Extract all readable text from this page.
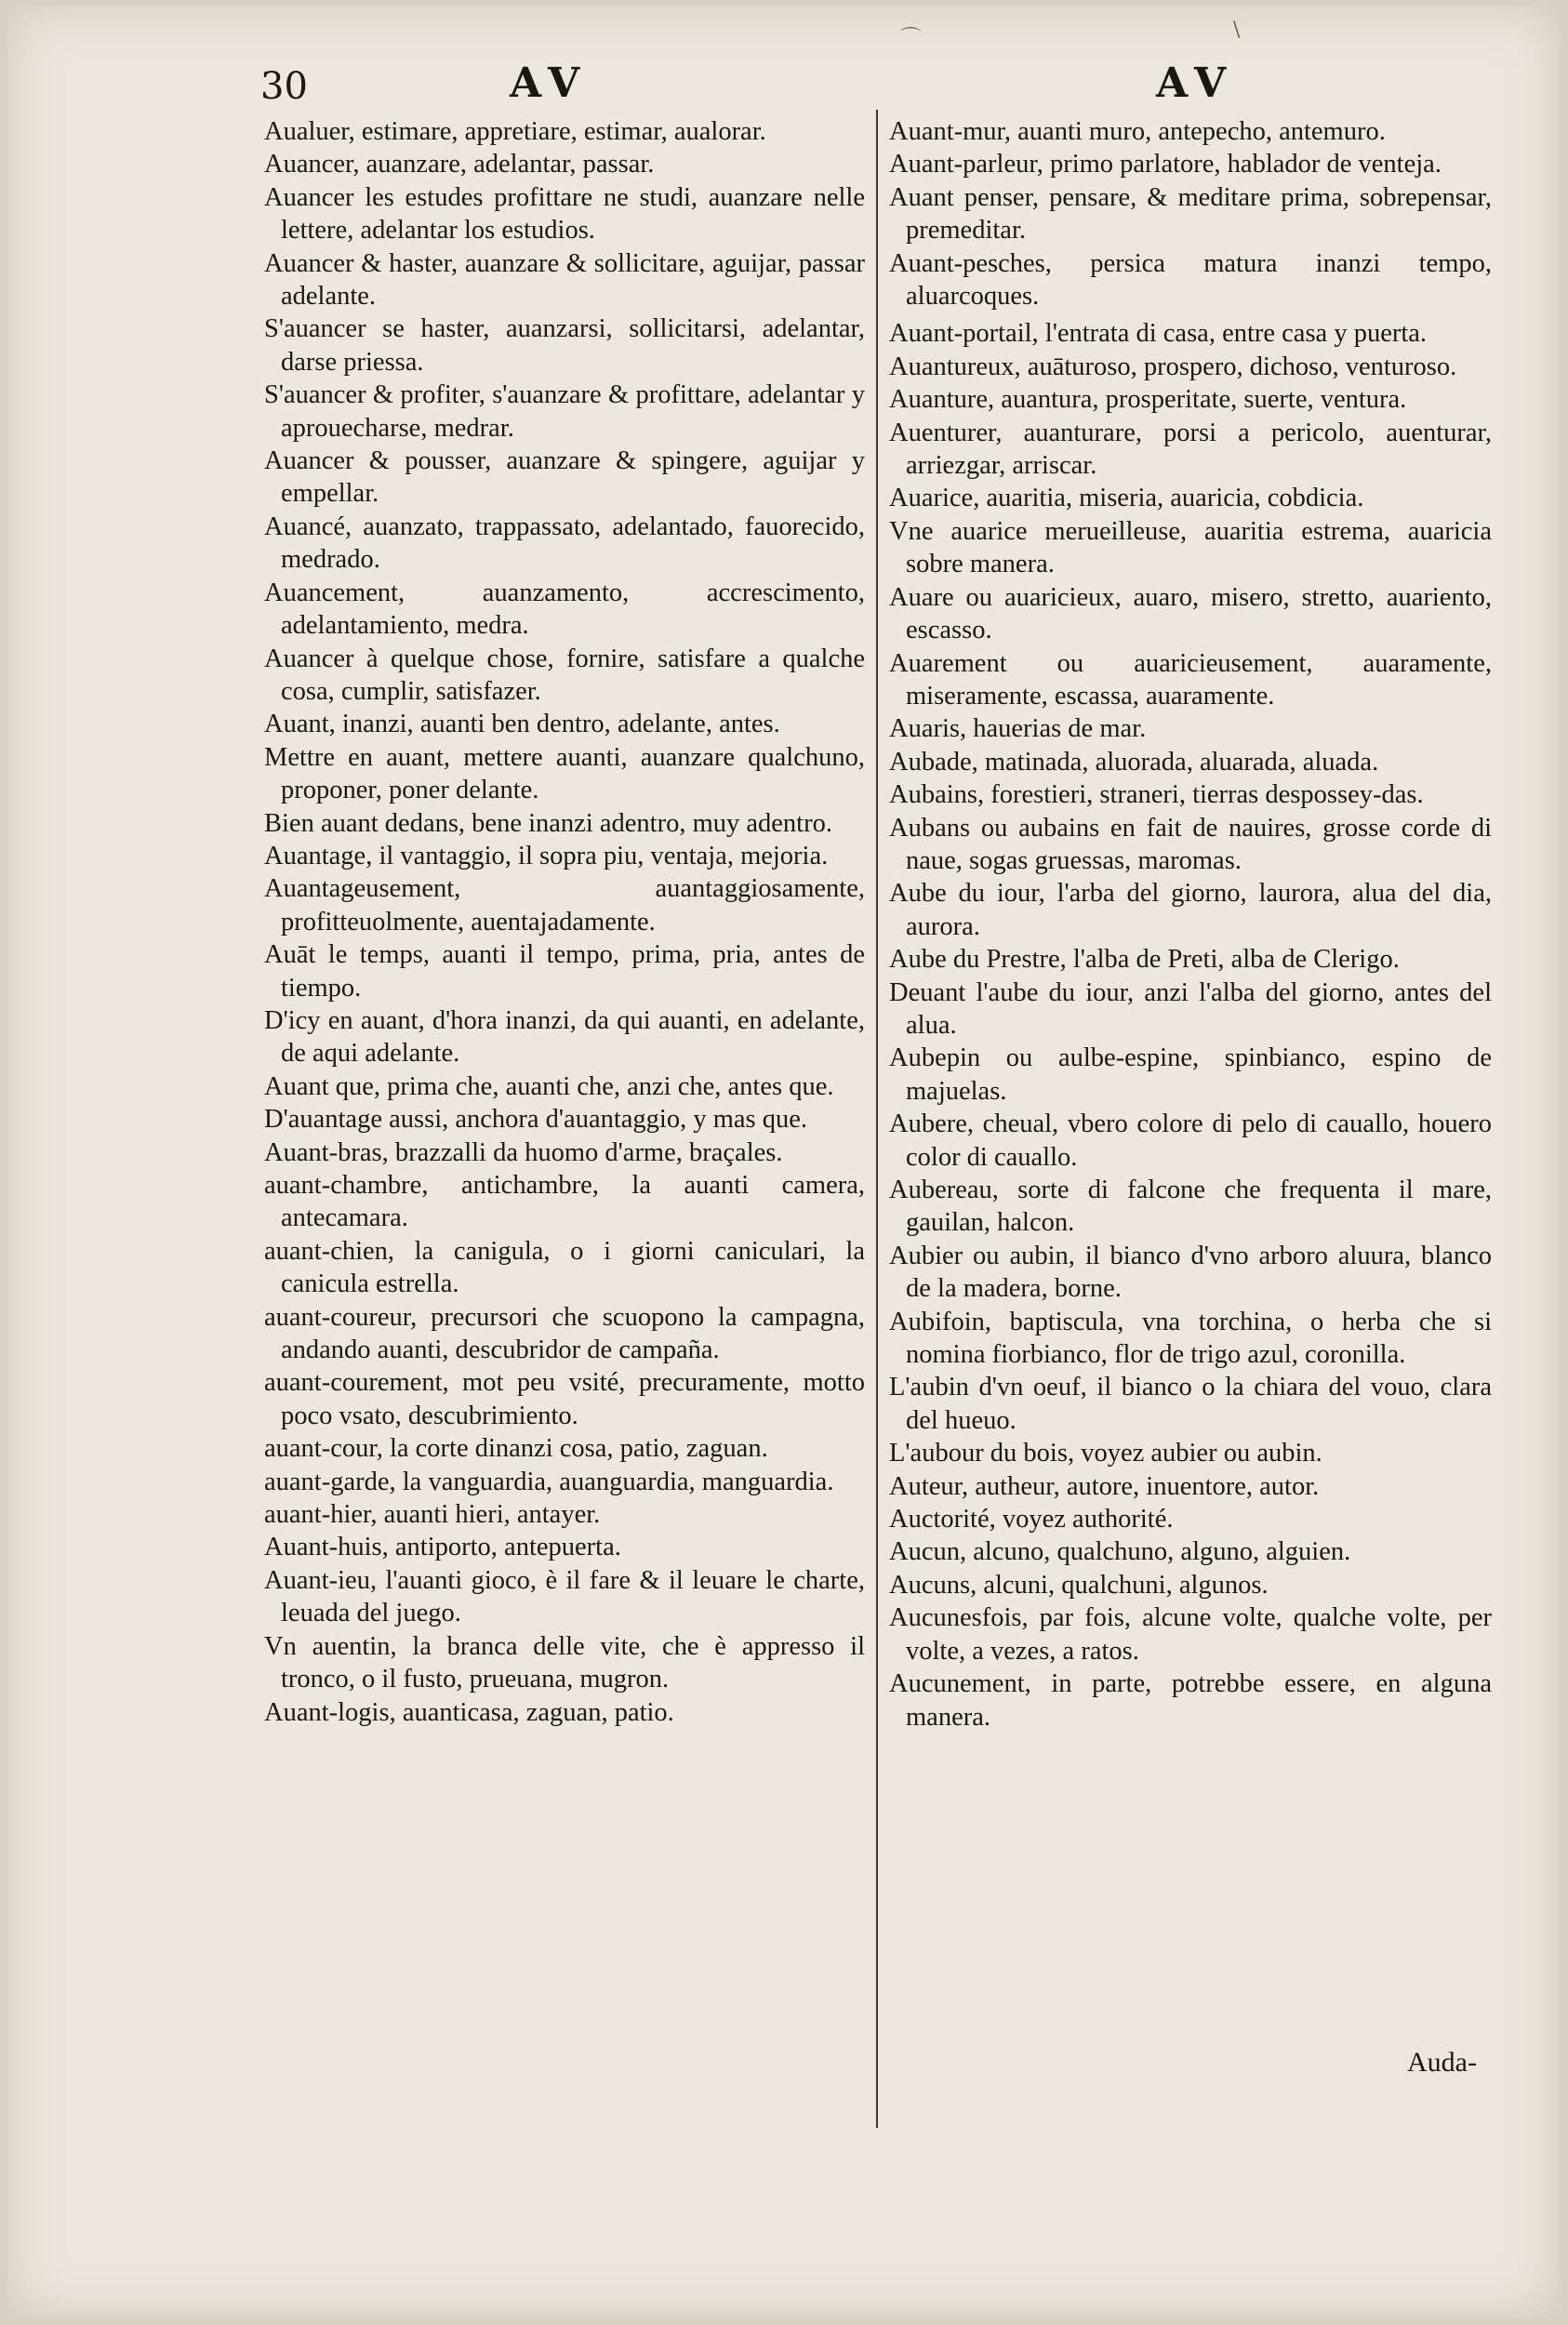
30	AV	AV
Aualuer, estimare, appretiare, estimar, aualorar.
Auancer, auanzare, adelantar, passar.
Auancer les estudes profittare ne studi, auanzare nelle lettere, adelantar los estudios.
Auancer & haster, auanzare & sollicitare, aguijar, passar adelante.
S'auancer se haster, auanzarsi, sollicitarsi, adelantar, darse priessa.
S'auancer & profiter, s'auanzare & profittare, adelantar y aprouecharse, medrar.
Auancer & pousser, auanzare & spingere, aguijar y empellar.
Auancé, auanzato, trappassato, adelantado, fauorecido, medrado.
Auancement, auanzamento, accrescimento, adelantamiento, medra.
Auancer à quelque chose, fornire, satisfare a qualche cosa, cumplir, satisfazer.
Auant, inanzi, auanti ben dentro, adelante, antes.
Mettre en auant, mettere auanti, auanzare qualchuno, proponer, poner delante.
Bien auant dedans, bene inanzi adentro, muy adentro.
Auantage, il vantaggio, il sopra piu, ventaja, mejoria.
Auantageusement, auantaggiosamente, profitteuolmente, auentajadamente.
Auāt le temps, auanti il tempo, prima, pria, antes de tiempo.
D'icy en auant, d'hora inanzi, da qui auanti, en adelante, de aqui adelante.
Auant que, prima che, auanti che, anzi che, antes que.
D'auantage aussi, anchora d'auantaggio, y mas que.
Auant-bras, brazzalli da huomo d'arme, braçales.
auant-chambre, antichambre, la auanti camera, antecamara.
auant-chien, la canigula, o i giorni caniculari, la canicula estrella.
auant-coureur, precursori che scuopono la campagna, andando auanti, descubridor de campaña.
auant-courement, mot peu vsité, precuramente, motto poco vsato, descubrimiento.
auant-cour, la corte dinanzi cosa, patio, zaguan.
auant-garde, la vanguardia, auanguardia, manguardia.
auant-hier, auanti hieri, antayer.
Auant-huis, antiporto, antepuerta.
Auant-ieu, l'auanti gioco, è il fare & il leuare le charte, leuada del juego.
Vn auentin, la branca delle vite, che è appresso il tronco, o il fusto, prueuana, mugron.
Auant-logis, auanticasa, zaguan, patio.
Auant-mur, auanti muro, antepecho, antemuro.
Auant-parleur, primo parlatore, hablador de venteja.
Auant penser, pensare, & meditare prima, sobrepensar, premeditar.
Auant-pesches, persica matura inanzi tempo, aluarcoques.
Auant-portail, l'entrata di casa, entre casa y puerta.
Auantureux, auāturoso, prospero, dichoso, venturoso.
Auanture, auantura, prosperitate, suerte, ventura.
Auenturer, auanturare, porsi a pericolo, auenturar, arriezgar, arriscar.
Auarice, auaritia, miseria, auaricia, cobdicia.
Vne auarice merueilleuse, auaritia estrema, auaricia sobre manera.
Auare ou auaricieux, auaro, misero, stretto, auariento, escasso.
Auarement ou auaricieusement, auaramente, miseramente, escassa, auaramente.
Auaris, hauerias de mar.
Aubade, matinada, aluorada, aluarada, aluada.
Aubains, forestieri, straneri, tierras despossey-das.
Aubans ou aubains en fait de nauires, grosse corde di naue, sogas gruessas, maromas.
Aube du iour, l'arba del giorno, laurora, alua del dia, aurora.
Aube du Prestre, l'alba de Preti, alba de Clerigo.
Deuant l'aube du iour, anzi l'alba del giorno, antes del alua.
Aubepin ou aulbe-espine, spinbianco, espino de majuelas.
Aubere, cheual, vbero colore di pelo di cauallo, houero color di cauallo.
Aubereau, sorte di falcone che frequenta il mare, gauilan, halcon.
Aubier ou aubin, il bianco d'vno arboro aluura, blanco de la madera, borne.
Aubifoin, baptiscula, vna torchina, o herba che si nomina fiorbianco, flor de trigo azul, coronilla.
L'aubin d'vn oeuf, il bianco o la chiara del vouo, clara del hueuo.
L'aubour du bois, voyez aubier ou aubin.
Auteur, autheur, autore, inuentore, autor.
Auctorité, voyez authorité.
Aucun, alcuno, qualchuno, alguno, alguien.
Aucuns, alcuni, qualchuni, algunos.
Aucunesfois, par fois, alcune volte, qualche volte, per volte, a vezes, a ratos.
Aucunement, in parte, potrebbe essere, en alguna manera.
Auda-
⌒	\
